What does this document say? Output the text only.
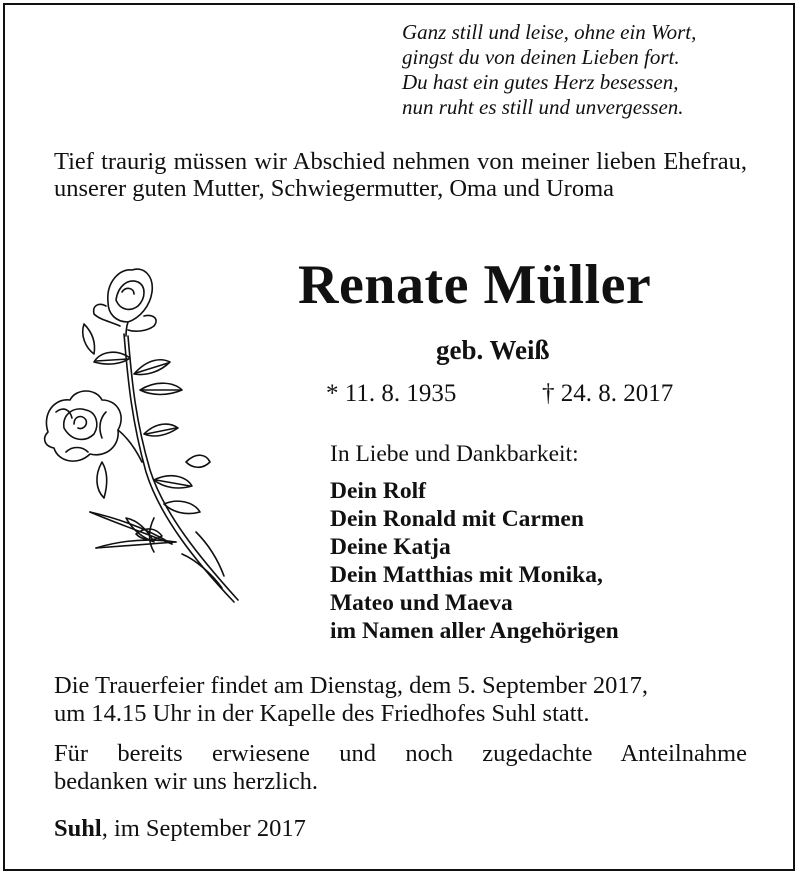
Ganz still und leise, ohne ein Wort,
gingst du von deinen Lieben fort.
Du hast ein gutes Herz besessen,
nun ruht es still und unvergessen.
Tief traurig müssen wir Abschied nehmen von meiner lieben Ehefrau, unserer guten Mutter, Schwiegermutter, Oma und Uroma
Renate Müller
geb. Weiß
* 11. 8. 1935	† 24. 8. 2017
In Liebe und Dankbarkeit:
Dein Rolf
Dein Ronald mit Carmen
Deine Katja
Dein Matthias mit Monika,
Mateo und Maeva
im Namen aller Angehörigen
Die Trauerfeier findet am Dienstag, dem 5. September 2017,
um 14.15 Uhr in der Kapelle des Friedhofes Suhl statt.
Für bereits erwiesene und noch zugedachte Anteilnahme
bedanken wir uns herzlich.
Suhl, im September 2017
